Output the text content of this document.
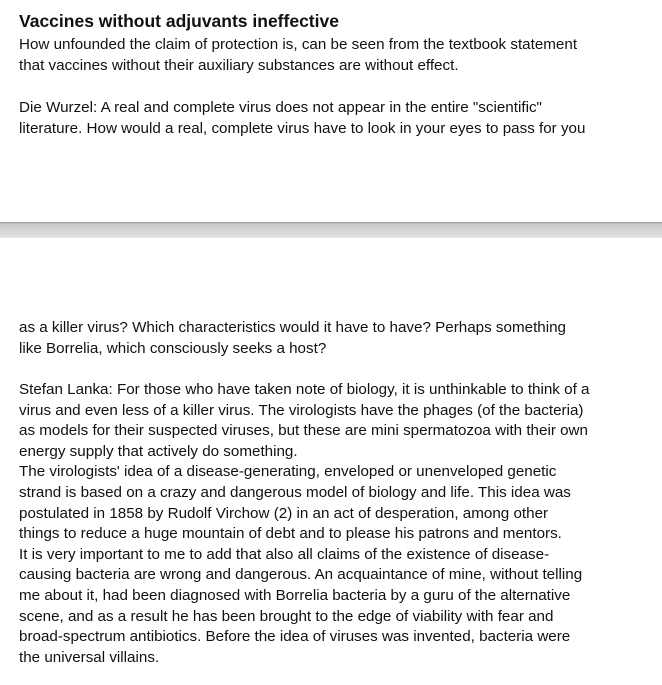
Vaccines without adjuvants ineffective

How unfounded the claim of protection is, can be seen from the textbook statement
that vaccines without their auxiliary substances are without effect.

Die Wurzel: A real and complete virus does not appear in the entire "scientific"
literature. How would a real, complete virus have to look in your eyes to pass for you

as a killer virus? Which characteristics would it have to have? Perhaps something
like Borrelia, which consciously seeks a host?

Stefan Lanka: For those who have taken note of biology, it is unthinkable to think of a
virus and even less of a killer virus. The virologists have the phages (of the bacteria)
as models for their suspected viruses, but these are mini spermatozoa with their own
energy supply that actively do something.
The virologists' idea of a disease-generating, enveloped or unenveloped genetic
strand is based on a crazy and dangerous model of biology and life. This idea was
postulated in 1858 by Rudolf Virchow (2) in an act of desperation, among other
things to reduce a huge mountain of debt and to please his patrons and mentors.
It is very important to me to add that also all claims of the existence of disease-
causing bacteria are wrong and dangerous. An acquaintance of mine, without telling
me about it, had been diagnosed with Borrelia bacteria by a guru of the alternative
scene, and as a result he has been brought to the edge of viability with fear and
broad-spectrum antibiotics. Before the idea of viruses was invented, bacteria were
the universal villains.
